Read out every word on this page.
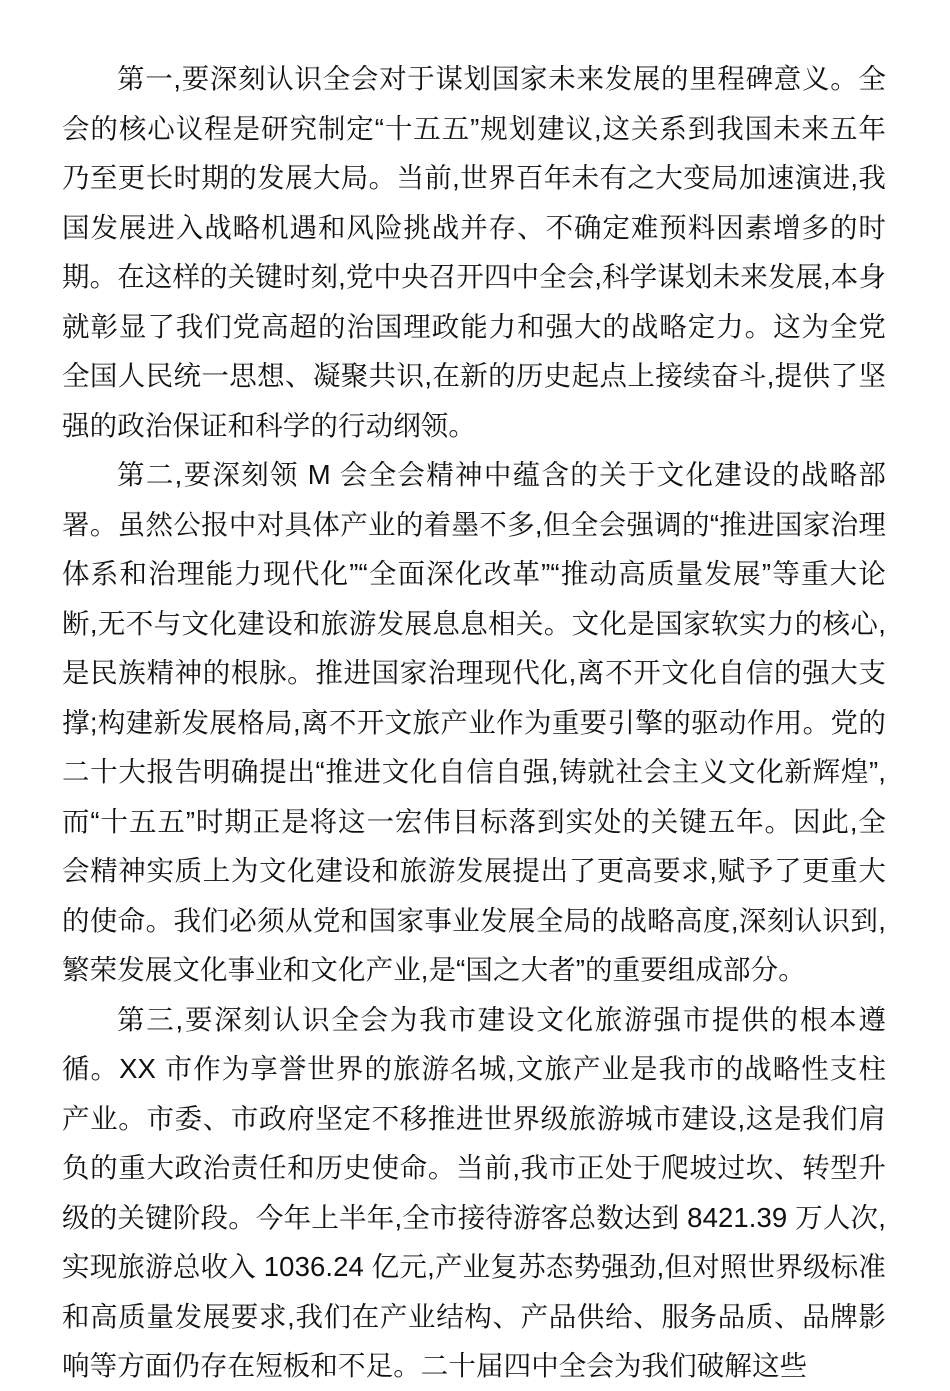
第一,要深刻认识全会对于谋划国家未来发展的里程碑意义。全会的核心议程是研究制定“十五五”规划建议,这关系到我国未来五年乃至更长时期的发展大局。当前,世界百年未有之大变局加速演进,我国发展进入战略机遇和风险挑战并存、不确定难预料因素增多的时期。在这样的关键时刻,党中央召开四中全会,科学谋划未来发展,本身就彰显了我们党高超的治国理政能力和强大的战略定力。这为全党全国人民统一思想、凝聚共识,在新的历史起点上接续奋斗,提供了坚强的政治保证和科学的行动纲领。

第二,要深刻领 M 会全会精神中蕴含的关于文化建设的战略部署。虽然公报中对具体产业的着墨不多,但全会强调的“推进国家治理体系和治理能力现代化”“全面深化改革”“推动高质量发展”等重大论断,无不与文化建设和旅游发展息息相关。文化是国家软实力的核心,是民族精神的根脉。推进国家治理现代化,离不开文化自信的强大支撑;构建新发展格局,离不开文旅产业作为重要引擎的驱动作用。党的二十大报告明确提出“推进文化自信自强,铸就社会主义文化新辉煌”,而“十五五”时期正是将这一宏伟目标落到实处的关键五年。因此,全会精神实质上为文化建设和旅游发展提出了更高要求,赋予了更重大的使命。我们必须从党和国家事业发展全局的战略高度,深刻认识到,繁荣发展文化事业和文化产业,是“国之大者”的重要组成部分。

第三,要深刻认识全会为我市建设文化旅游强市提供的根本遵循。XX 市作为享誉世界的旅游名城,文旅产业是我市的战略性支柱产业。市委、市政府坚定不移推进世界级旅游城市建设,这是我们肩负的重大政治责任和历史使命。当前,我市正处于爬坡过坎、转型升级的关键阶段。今年上半年,全市接待游客总数达到 8421.39 万人次,实现旅游总收入 1036.24 亿元,产业复苏态势强劲,但对照世界级标准和高质量发展要求,我们在产业结构、产品供给、服务品质、品牌影响等方面仍存在短板和不足。二十届四中全会为我们破解这些
